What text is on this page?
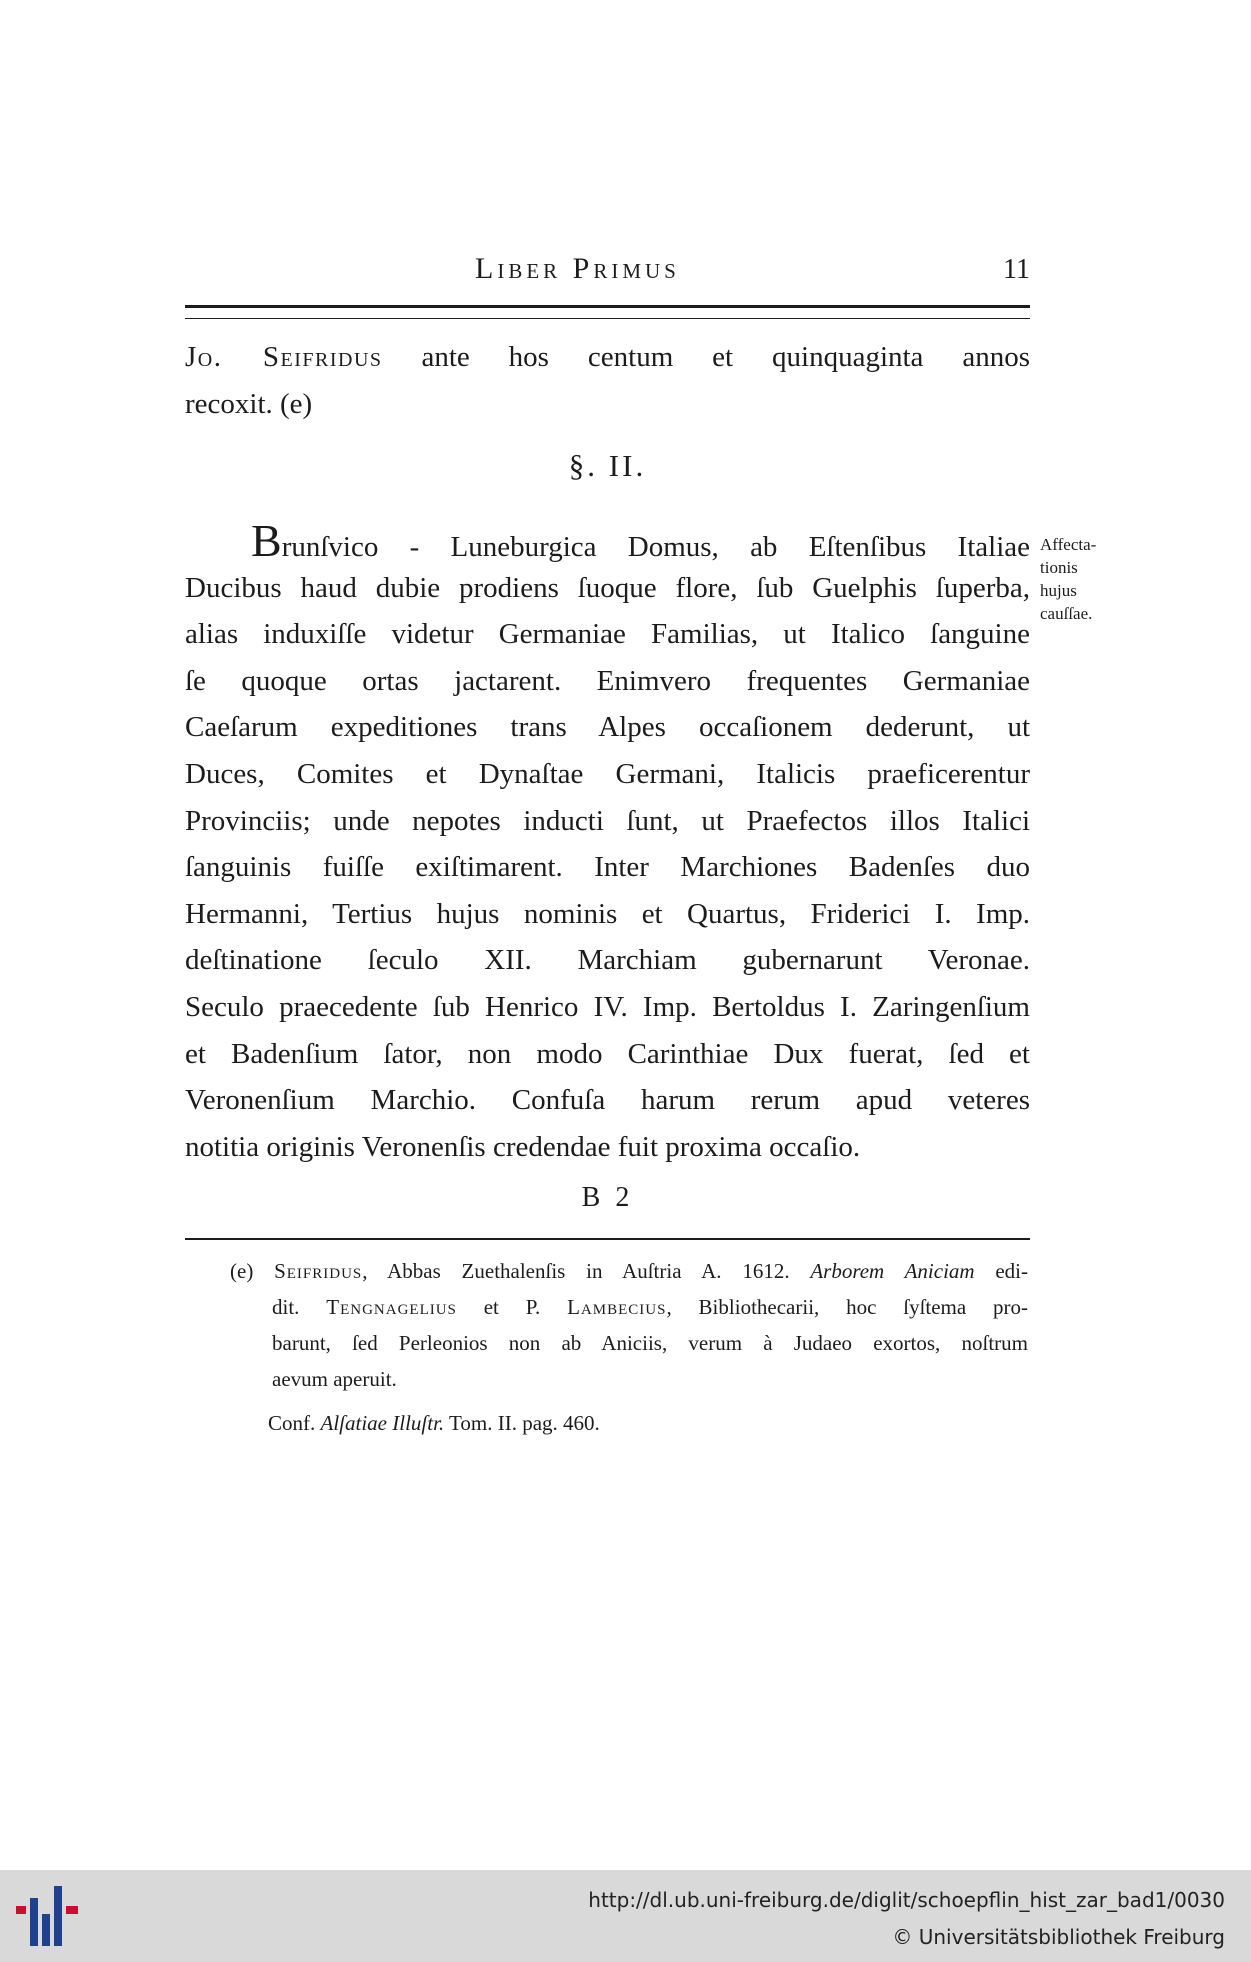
Liber Primus	11
Jo. Seifridus ante hos centum et quinquaginta annos
recoxit. (e)
§. II.
Brunſvico - Luneburgica Domus, ab Eſtenſibus Italiae
Ducibus haud dubie prodiens ſuoque flore, ſub Guelphis ſuperba,
alias induxiſſe videtur Germaniae Familias, ut Italico ſanguine
ſe quoque ortas jactarent. Enimvero frequentes Germaniae
Caeſarum expeditiones trans Alpes occaſionem dederunt, ut
Duces, Comites et Dynaſtae Germani, Italicis praeficerentur
Provinciis; unde nepotes inducti ſunt, ut Praefectos illos Italici
ſanguinis fuiſſe exiſtimarent. Inter Marchiones Badenſes duo
Hermanni, Tertius hujus nominis et Quartus, Friderici I. Imp.
deſtinatione ſeculo XII. Marchiam gubernarunt Veronae.
Seculo praecedente ſub Henrico IV. Imp. Bertoldus I. Zaringenſium
et Badenſium ſator, non modo Carinthiae Dux fuerat, ſed et
Veronenſium Marchio. Confuſa harum rerum apud veteres
notitia originis Veronenſis credendae fuit proxima occaſio.
Affecta-
tionis
hujus
cauſſae.
B 2
(e) Seifridus, Abbas Zuethalenſis in Auſtria A. 1612. Arborem Aniciam edi-
dit. Tengnagelius et P. Lambecius, Bibliothecarii, hoc ſyſtema pro-
barunt, ſed Perleonios non ab Aniciis, verum à Judaeo exortos, noſtrum
aevum aperuit.
Conf. Alſatiae Illuſtr. Tom. II. pag. 460.
http://dl.ub.uni-freiburg.de/diglit/schoepflin_hist_zar_bad1/0030
© Universitätsbibliothek Freiburg
